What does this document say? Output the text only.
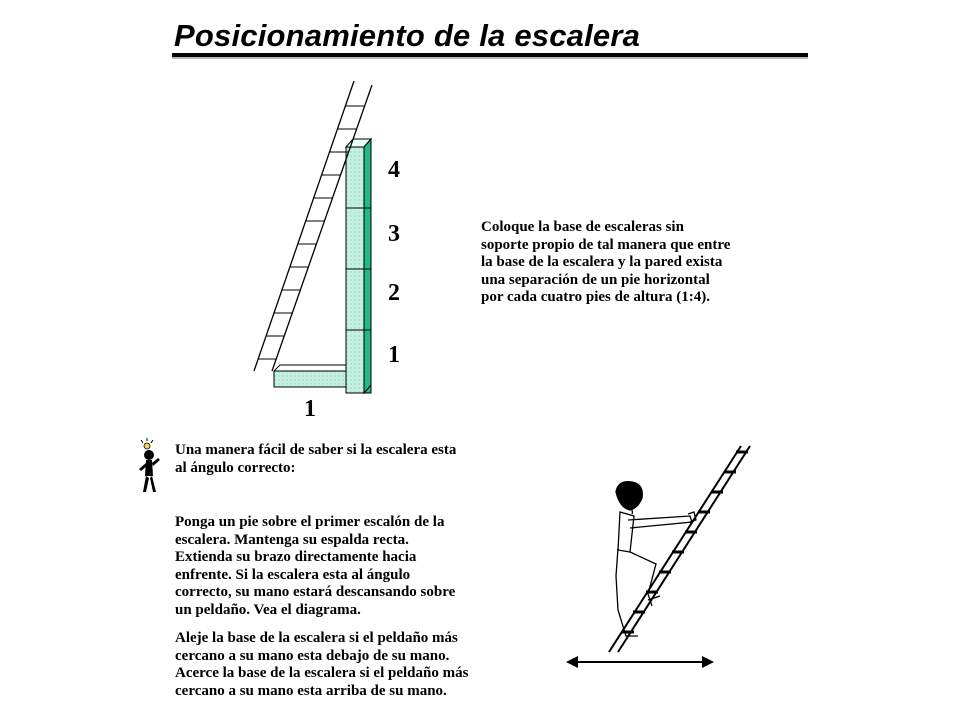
Posicionamiento de la escalera
4
3
2
1
1
Coloque la base de escaleras sin
soporte propio de tal manera que entre
la base de la escalera y la pared exista
una separación de un pie horizontal
por cada cuatro pies de altura (1:4).
Una manera fácil de saber si la escalera esta
al ángulo correcto:
Ponga un pie sobre el primer escalón de la
escalera. Mantenga su espalda recta.
Extienda su brazo directamente hacia
enfrente. Si la escalera esta al ángulo
correcto, su mano estará descansando sobre
un peldaño. Vea el diagrama.
Aleje la base de la escalera si el peldaño más
cercano a su mano esta debajo de su mano.
Acerce la base de la escalera si el peldaño más
cercano a su mano esta arriba de su mano.
